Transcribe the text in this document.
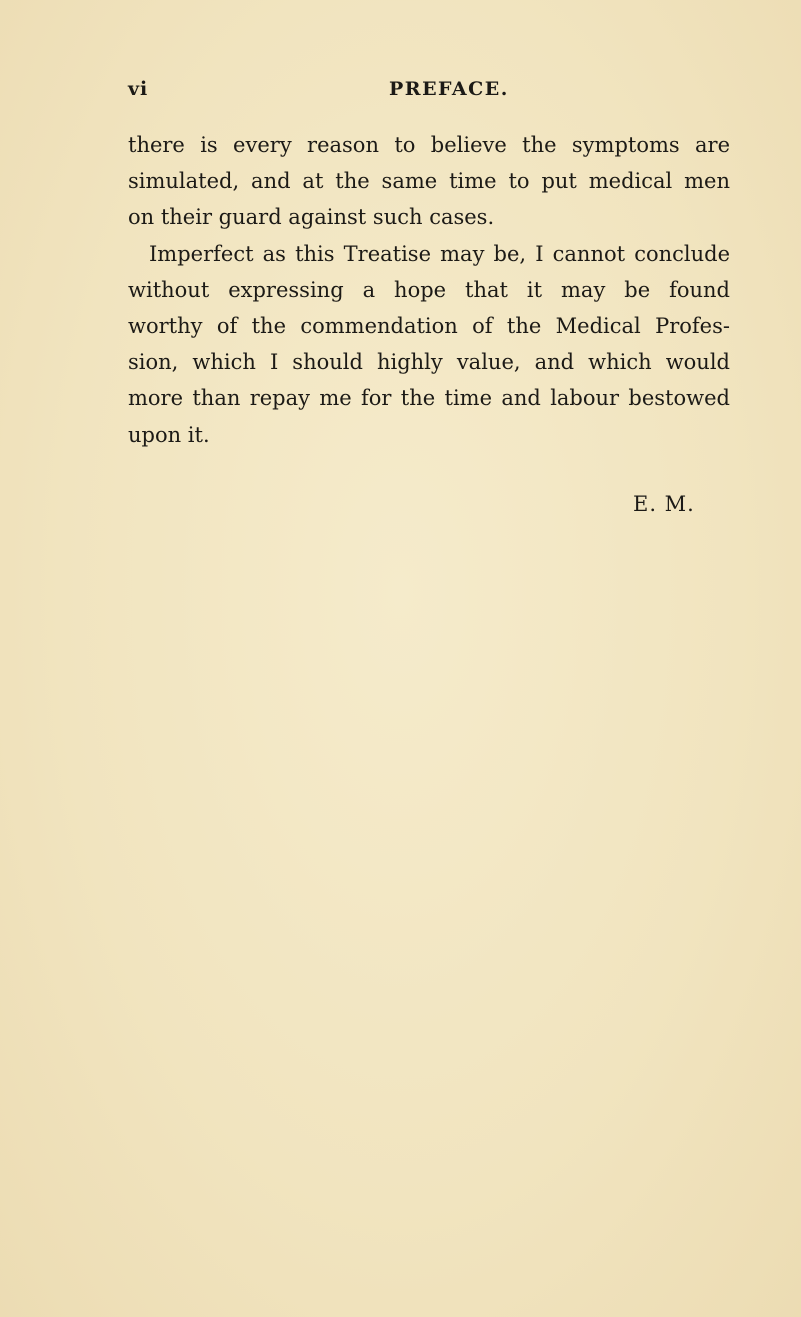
vi	PREFACE.
there is every reason to believe the symptoms are
simulated, and at the same time to put medical men
on their guard against such cases.
Imperfect as this Treatise may be, I cannot conclude
without expressing a hope that it may be found
worthy of the commendation of the Medical Profes-
sion, which I should highly value, and which would
more than repay me for the time and labour bestowed
upon it.
E. M.
